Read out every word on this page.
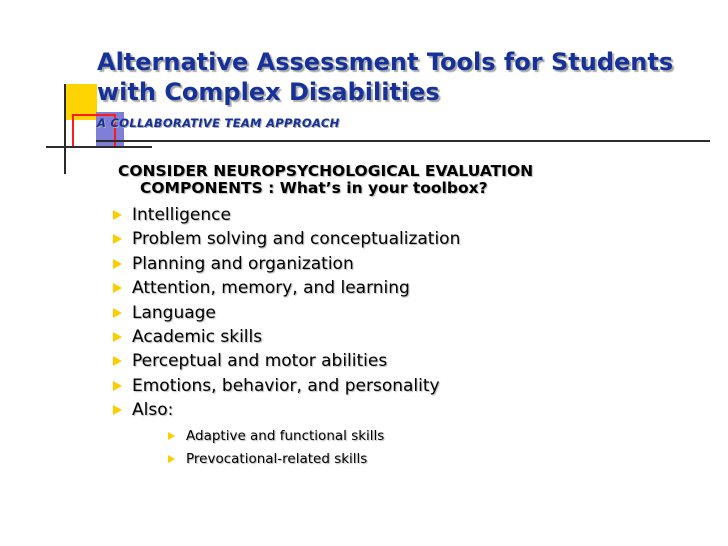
Alternative Assessment Tools for Students
with Complex Disabilities
A COLLABORATIVE TEAM APPROACH
CONSIDER NEUROPSYCHOLOGICAL EVALUATION
COMPONENTS : What’s in your toolbox?
Intelligence
Problem solving and conceptualization
Planning and organization
Attention, memory, and learning
Language
Academic skills
Perceptual and motor abilities
Emotions, behavior, and personality
Also:
Adaptive and functional skills
Prevocational-related skills
